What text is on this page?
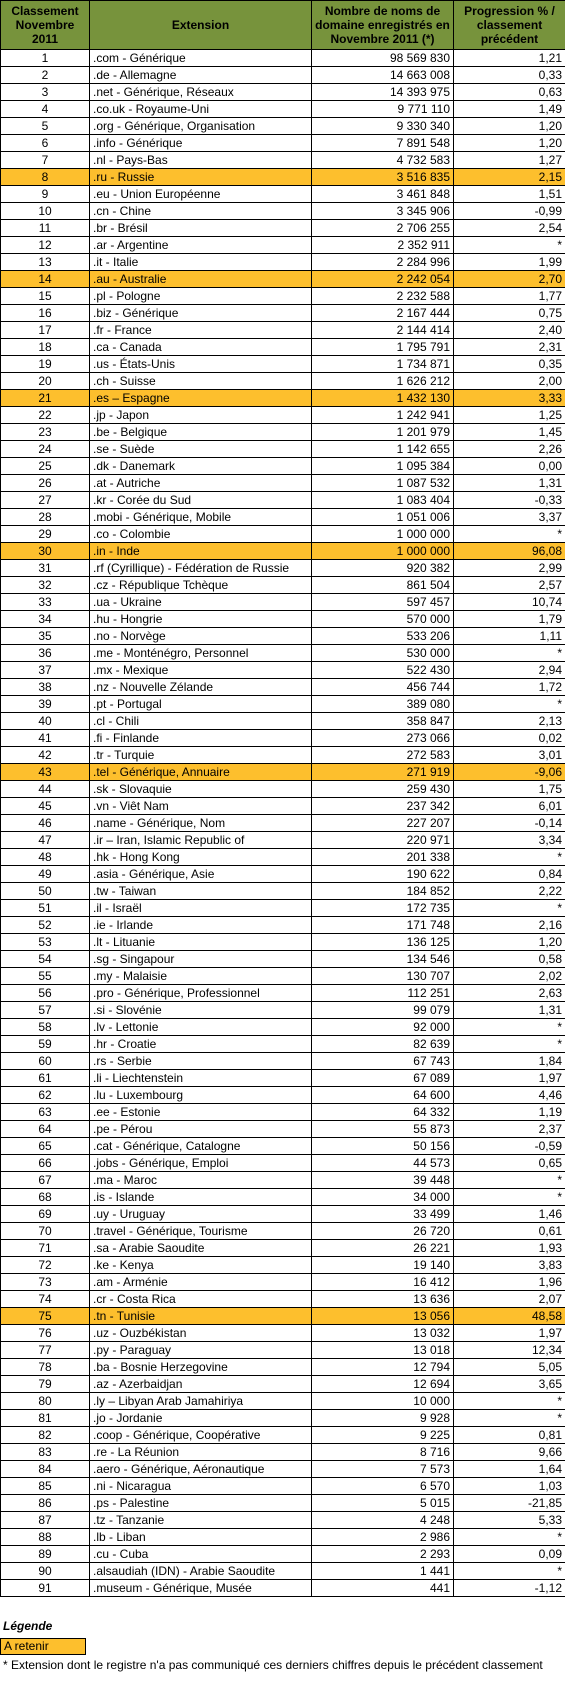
Classement Novembre 2011	Extension	Nombre de noms de domaine enregistrés en Novembre 2011 (*)	Progression % / classement précédent
1	.com - Générique	98 569 830	1,21
2	.de - Allemagne	14 663 008	0,33
3	.net - Générique, Réseaux	14 393 975	0,63
4	.co.uk - Royaume-Uni	9 771 110	1,49
5	.org - Générique, Organisation	9 330 340	1,20
6	.info - Générique	7 891 548	1,20
7	.nl - Pays-Bas	4 732 583	1,27
8	.ru - Russie	3 516 835	2,15
9	.eu - Union Européenne	3 461 848	1,51
10	.cn - Chine	3 345 906	-0,99
11	.br - Brésil	2 706 255	2,54
12	.ar - Argentine	2 352 911	*
13	.it - Italie	2 284 996	1,99
14	.au - Australie	2 242 054	2,70
15	.pl - Pologne	2 232 588	1,77
16	.biz - Générique	2 167 444	0,75
17	.fr - France	2 144 414	2,40
18	.ca - Canada	1 795 791	2,31
19	.us - États-Unis	1 734 871	0,35
20	.ch - Suisse	1 626 212	2,00
21	.es – Espagne	1 432 130	3,33
22	.jp - Japon	1 242 941	1,25
23	.be - Belgique	1 201 979	1,45
24	.se - Suède	1 142 655	2,26
25	.dk - Danemark	1 095 384	0,00
26	.at - Autriche	1 087 532	1,31
27	.kr - Corée du Sud	1 083 404	-0,33
28	.mobi - Générique, Mobile	1 051 006	3,37
29	.co - Colombie	1 000 000	*
30	.in - Inde	1 000 000	96,08
31	.rf (Cyrillique) - Fédération de Russie	920 382	2,99
32	.cz - République Tchèque	861 504	2,57
33	.ua - Ukraine	597 457	10,74
34	.hu - Hongrie	570 000	1,79
35	.no - Norvège	533 206	1,11
36	.me - Monténégro, Personnel	530 000	*
37	.mx - Mexique	522 430	2,94
38	.nz - Nouvelle Zélande	456 744	1,72
39	.pt - Portugal	389 080	*
40	.cl - Chili	358 847	2,13
41	.fi - Finlande	273 066	0,02
42	.tr - Turquie	272 583	3,01
43	.tel - Générique, Annuaire	271 919	-9,06
44	.sk - Slovaquie	259 430	1,75
45	.vn - Viêt Nam	237 342	6,01
46	.name - Générique, Nom	227 207	-0,14
47	.ir – Iran, Islamic Republic of	220 971	3,34
48	.hk - Hong Kong	201 338	*
49	.asia - Générique, Asie	190 622	0,84
50	.tw - Taiwan	184 852	2,22
51	.il - Israël	172 735	*
52	.ie - Irlande	171 748	2,16
53	.lt - Lituanie	136 125	1,20
54	.sg - Singapour	134 546	0,58
55	.my - Malaisie	130 707	2,02
56	.pro - Générique, Professionnel	112 251	2,63
57	.si - Slovénie	99 079	1,31
58	.lv - Lettonie	92 000	*
59	.hr - Croatie	82 639	*
60	.rs - Serbie	67 743	1,84
61	.li - Liechtenstein	67 089	1,97
62	.lu - Luxembourg	64 600	4,46
63	.ee - Estonie	64 332	1,19
64	.pe - Pérou	55 873	2,37
65	.cat - Générique, Catalogne	50 156	-0,59
66	.jobs - Générique, Emploi	44 573	0,65
67	.ma - Maroc	39 448	*
68	.is - Islande	34 000	*
69	.uy - Uruguay	33 499	1,46
70	.travel - Générique, Tourisme	26 720	0,61
71	.sa - Arabie Saoudite	26 221	1,93
72	.ke - Kenya	19 140	3,83
73	.am - Arménie	16 412	1,96
74	.cr - Costa Rica	13 636	2,07
75	.tn - Tunisie	13 056	48,58
76	.uz - Ouzbékistan	13 032	1,97
77	.py - Paraguay	13 018	12,34
78	.ba - Bosnie Herzegovine	12 794	5,05
79	.az - Azerbaidjan	12 694	3,65
80	.ly – Libyan Arab Jamahiriya	10 000	*
81	.jo - Jordanie	9 928	*
82	.coop - Générique, Coopérative	9 225	0,81
83	.re - La Réunion	8 716	9,66
84	.aero - Générique, Aéronautique	7 573	1,64
85	.ni - Nicaragua	6 570	1,03
86	.ps - Palestine	5 015	-21,85
87	.tz - Tanzanie	4 248	5,33
88	.lb - Liban	2 986	*
89	.cu - Cuba	2 293	0,09
90	.alsaudiah (IDN) - Arabie Saoudite	1 441	*
91	.museum - Générique, Musée	441	-1,12
Légende
A retenir
* Extension dont le registre n'a pas communiqué ces derniers chiffres depuis le précédent classement
